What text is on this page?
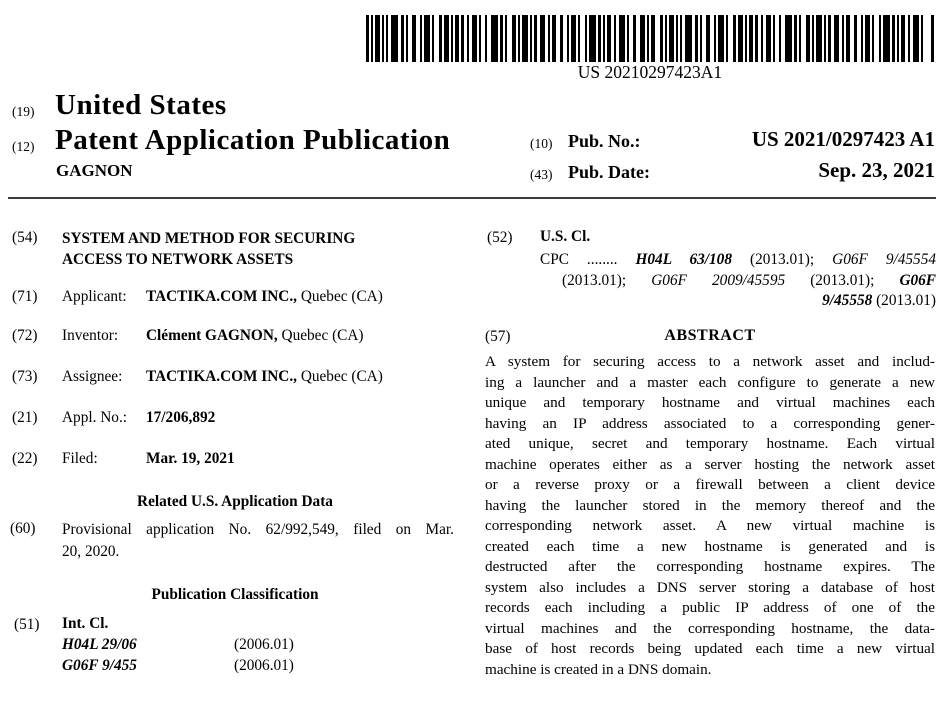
US 20210297423A1
(19) United States
(12) Patent Application Publication
GAGNON
(10) Pub. No.:	US 2021/0297423 A1
(43) Pub. Date:	Sep. 23, 2021
(54) SYSTEM AND METHOD FOR SECURING
ACCESS TO NETWORK ASSETS
(71) Applicant: TACTIKA.COM INC., Quebec (CA)
(72) Inventor: Clément GAGNON, Quebec (CA)
(73) Assignee: TACTIKA.COM INC., Quebec (CA)
(21) Appl. No.: 17/206,892
(22) Filed:	Mar. 19, 2021
Related U.S. Application Data
(60) Provisional application No. 62/992,549, filed on Mar.
20, 2020.
Publication Classification
(51) Int. Cl.
H04L 29/06	(2006.01)
G06F 9/455	(2006.01)
(52) U.S. Cl.
CPC ........ H04L 63/108 (2013.01); G06F 9/45554
(2013.01); G06F 2009/45595 (2013.01); G06F
9/45558 (2013.01)
(57)	ABSTRACT
A system for securing access to a network asset and includ-
ing a launcher and a master each configure to generate a new
unique and temporary hostname and virtual machines each
having an IP address associated to a corresponding gener-
ated unique, secret and temporary hostname. Each virtual
machine operates either as a server hosting the network asset
or a reverse proxy or a firewall between a client device
having the launcher stored in the memory thereof and the
corresponding network asset. A new virtual machine is
created each time a new hostname is generated and is
destructed after the corresponding hostname expires. The
system also includes a DNS server storing a database of host
records each including a public IP address of one of the
virtual machines and the corresponding hostname, the data-
base of host records being updated each time a new virtual
machine is created in a DNS domain.
